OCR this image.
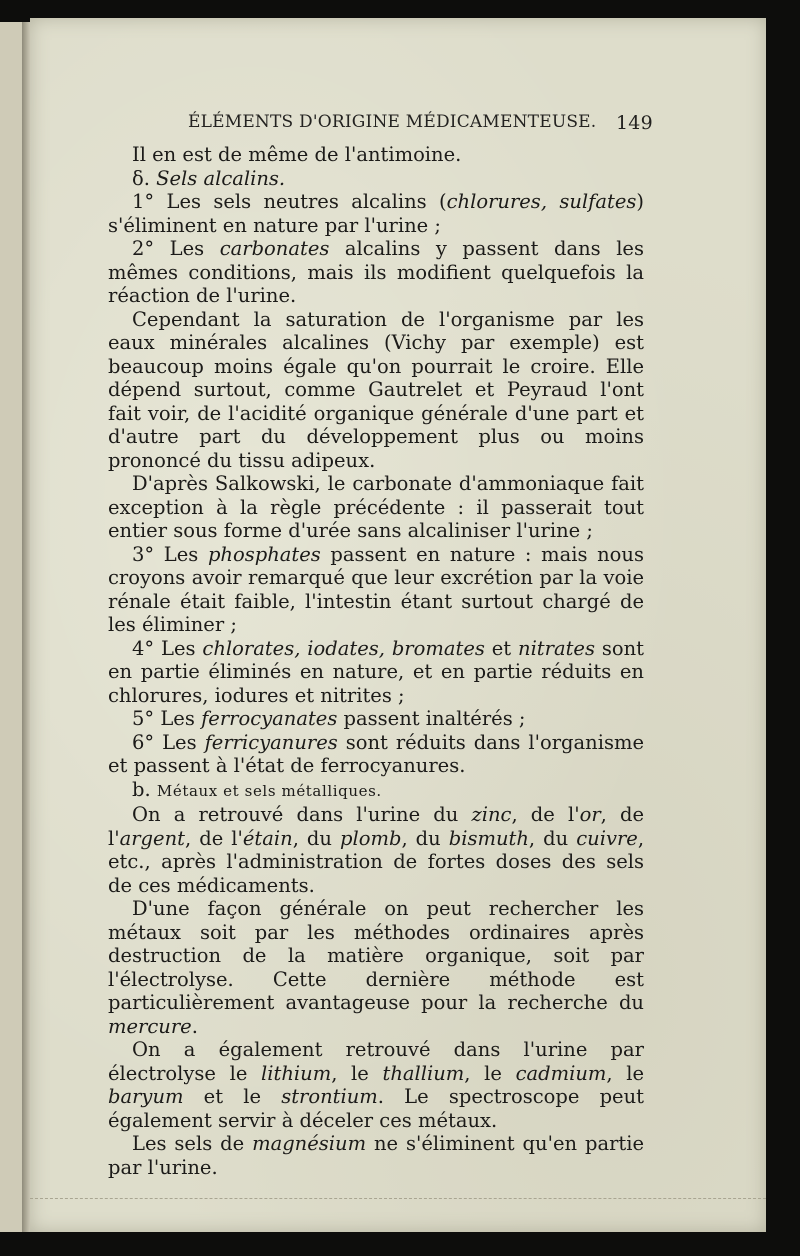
ÉLÉMENTS D'ORIGINE MÉDICAMENTEUSE. 149

Il en est de même de l'antimoine.

δ. Sels alcalins.

1° Les sels neutres alcalins (chlorures, sulfates) s'éliminent en nature par l'urine ;

2° Les carbonates alcalins y passent dans les mêmes conditions, mais ils modifient quelquefois la réaction de l'urine.

Cependant la saturation de l'organisme par les eaux minérales alcalines (Vichy par exemple) est beaucoup moins égale qu'on pourrait le croire. Elle dépend surtout, comme Gautrelet et Peyraud l'ont fait voir, de l'acidité organique générale d'une part et d'autre part du développement plus ou moins prononcé du tissu adipeux.

D'après Salkowski, le carbonate d'ammoniaque fait exception à la règle précédente : il passerait tout entier sous forme d'urée sans alcaliniser l'urine ;

3° Les phosphates passent en nature : mais nous croyons avoir remarqué que leur excrétion par la voie rénale était faible, l'intestin étant surtout chargé de les éliminer ;

4° Les chlorates, iodates, bromates et nitrates sont en partie éliminés en nature, et en partie réduits en chlorures, iodures et nitrites ;

5° Les ferrocyanates passent inaltérés ;

6° Les ferricyanures sont réduits dans l'organisme et passent à l'état de ferrocyanures.

b. Métaux et sels métalliques.

On a retrouvé dans l'urine du zinc, de l'or, de l'argent, de l'étain, du plomb, du bismuth, du cuivre, etc., après l'administration de fortes doses des sels de ces médicaments.

D'une façon générale on peut rechercher les métaux soit par les méthodes ordinaires après destruction de la matière organique, soit par l'électrolyse. Cette dernière méthode est particulièrement avantageuse pour la recherche du mercure.

On a également retrouvé dans l'urine par électrolyse le lithium, le thallium, le cadmium, le baryum et le strontium. Le spectroscope peut également servir à déceler ces métaux.

Les sels de magnésium ne s'éliminent qu'en partie par l'urine.
